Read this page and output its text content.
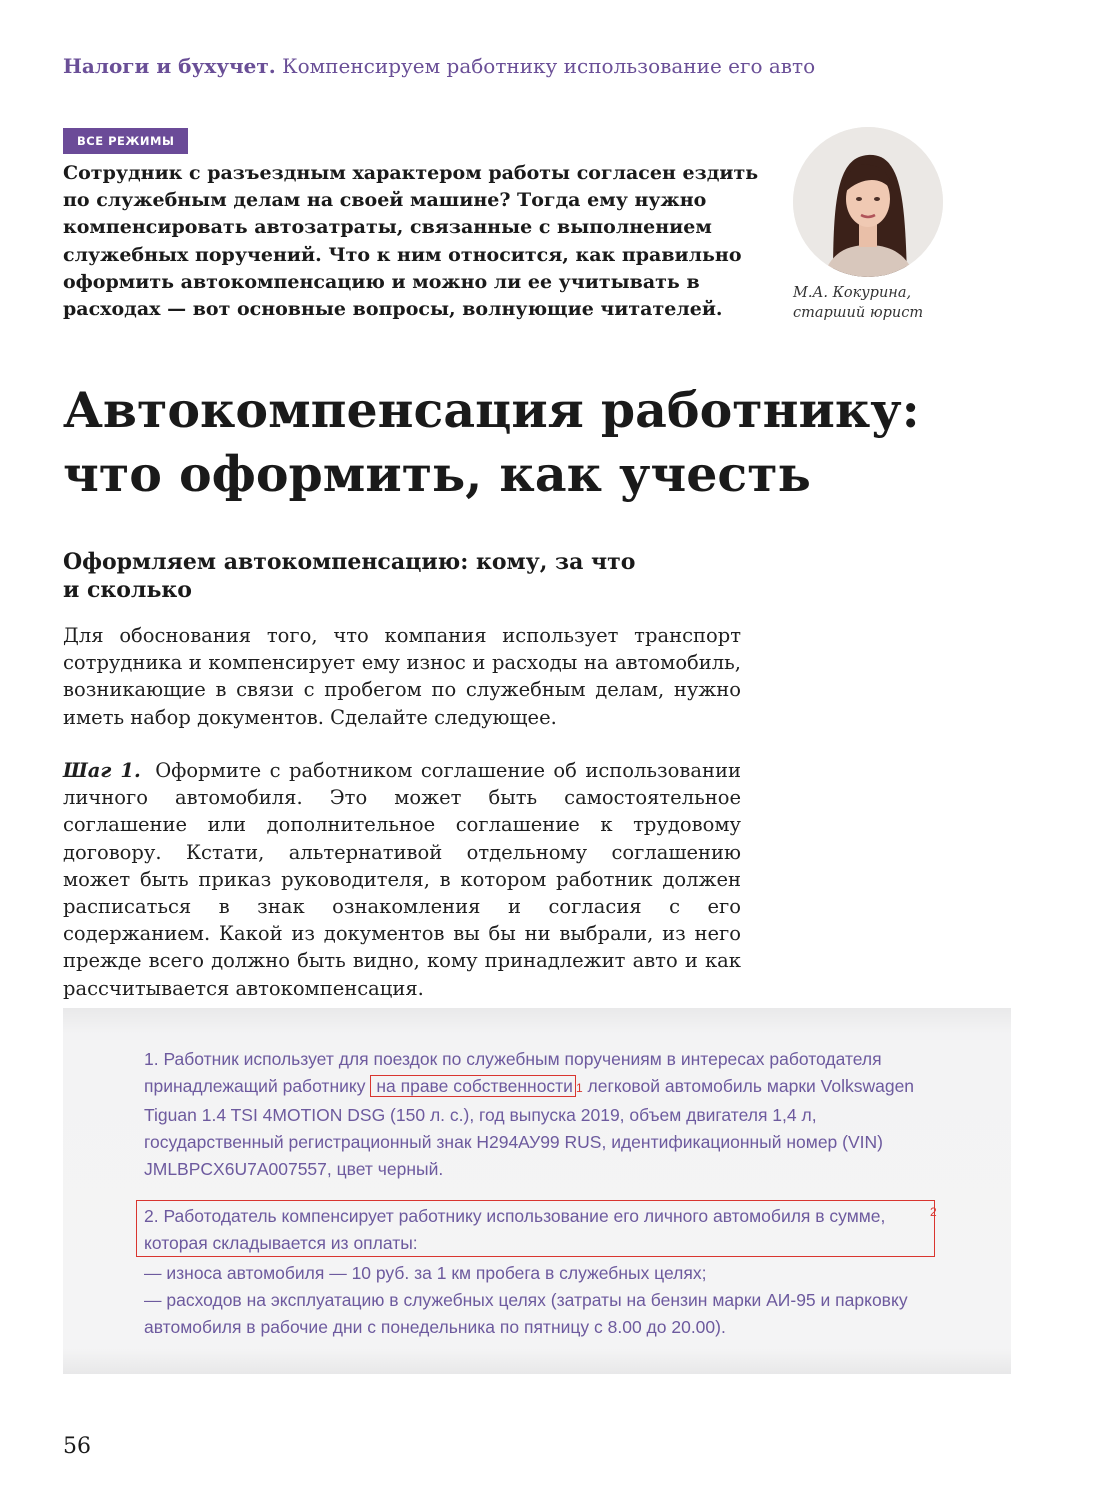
Налоги и бухучет. Компенсируем работнику использование его авто
ВСЕ РЕЖИМЫ

Сотрудник с разъездным характером работы согласен ездить по служебным делам на своей машине? Тогда ему нужно компенсировать автозатраты, связанные с выполнением служебных поручений. Что к ним относится, как правильно оформить автокомпенсацию и можно ли ее учитывать в расходах — вот основные вопросы, волнующие читателей.

М.А. Кокурина,
старший юрист
Автокомпенсация работнику:
что оформить, как учесть
Оформляем автокомпенсацию: кому, за что
и сколько

Для обоснования того, что компания использует транспорт сотрудника и компенсирует ему износ и расходы на автомобиль, возникающие в связи с пробегом по служебным делам, нужно иметь набор документов. Сделайте следующее.

Шаг 1. Оформите с работником соглашение об использовании личного автомобиля. Это может быть самостоятельное соглашение или дополнительное соглашение к трудовому договору. Кстати, альтернативой отдельному соглашению может быть приказ руководителя, в котором работник должен расписаться в знак ознакомления и согласия с его содержанием. Какой из документов вы бы ни выбрали, из него прежде всего должно быть видно, кому принадлежит авто и как рассчитывается автокомпенсация.

1. Работник использует для поездок по служебным поручениям в интересах работодателя принадлежащий работнику на праве собственности 1 легковой автомобиль марки Volkswagen Tiguan 1.4 TSI 4MOTION DSG (150 л. с.), год выпуска 2019, объем двигателя 1,4 л, государственный регистрационный знак Н294АУ99 RUS, идентификационный номер (VIN) JMLBPCX6U7A007557, цвет черный.

2

2. Работодатель компенсирует работнику использование его личного автомобиля в сумме, которая складывается из оплаты:

— износа автомобиля — 10 руб. за 1 км пробега в служебных целях;
— расходов на эксплуатацию в служебных целях (затраты на бензин марки АИ-95 и парковку автомобиля в рабочие дни с понедельника по пятницу с 8.00 до 20.00).
56
